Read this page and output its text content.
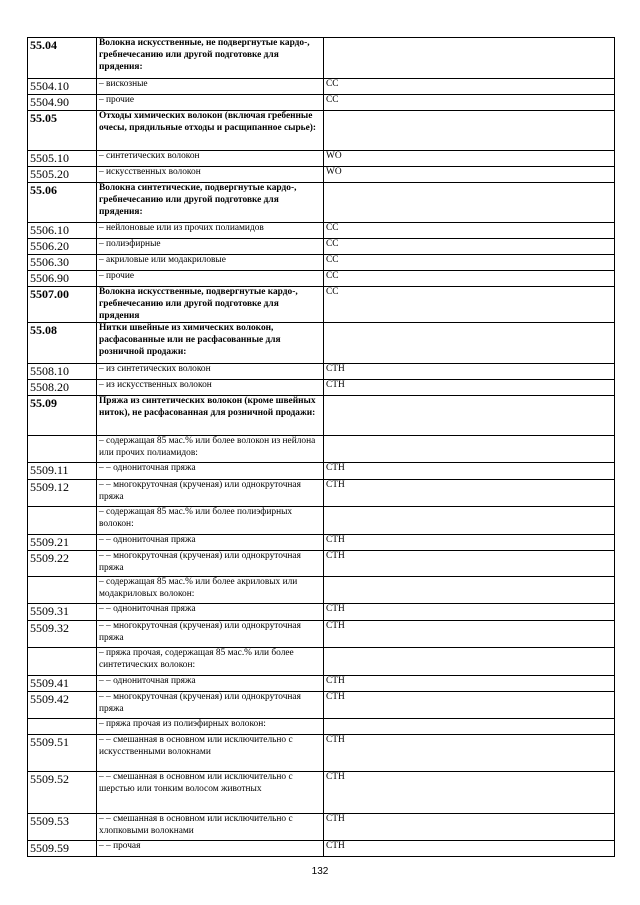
55.04	Волокна искусственные, не подвергнутые кардо-, гребнечесанию или другой подготовке для прядения:	
5504.10	– вискозные	CC
5504.90	– прочие	CC
55.05	Отходы химических волокон (включая гребенные очесы, прядильные отходы и расщипанное сырье):	
5505.10	– синтетических волокон	WO
5505.20	– искусственных волокон	WO
55.06	Волокна синтетические, подвергнутые кардо-, гребнечесанию или другой подготовке для прядения:	
5506.10	– нейлоновые или из прочих полиамидов	CC
5506.20	– полиэфирные	CC
5506.30	– акриловые или модакриловые	CC
5506.90	– прочие	CC
5507.00	Волокна искусственные, подвергнутые кардо-, гребнечесанию или другой подготовке для прядения	CC
55.08	Нитки швейные из химических волокон, расфасованные или не расфасованные для розничной продажи:	
5508.10	– из синтетических волокон	CTH
5508.20	– из искусственных волокон	CTH
55.09	Пряжа из синтетических волокон (кроме швейных ниток), не расфасованная для розничной продажи:	
	– содержащая 85 мас.% или более волокон из нейлона или прочих полиамидов:	
5509.11	– – однониточная пряжа	CTH
5509.12	– – многокруточная (крученая) или однокруточная пряжа	CTH
	– содержащая 85 мас.% или более полиэфирных волокон:	
5509.21	– – однониточная пряжа	CTH
5509.22	– – многокруточная (крученая) или однокруточная пряжа	CTH
	– содержащая 85 мас.% или более акриловых или модакриловых волокон:	
5509.31	– – однониточная пряжа	CTH
5509.32	– – многокруточная (крученая) или однокруточная пряжа	CTH
	– пряжа прочая, содержащая 85 мас.% или более синтетических волокон:	
5509.41	– – однониточная пряжа	CTH
5509.42	– – многокруточная (крученая) или однокруточная пряжа	CTH
	– пряжа прочая из полиэфирных волокон:	
5509.51	– – смешанная в основном или исключительно с искусственными волокнами	CTH
5509.52	– – смешанная в основном или исключительно с шерстью или тонким волосом животных	CTH
5509.53	– – смешанная в основном или исключительно с хлопковыми волокнами	CTH
5509.59	– – прочая	CTH
132
